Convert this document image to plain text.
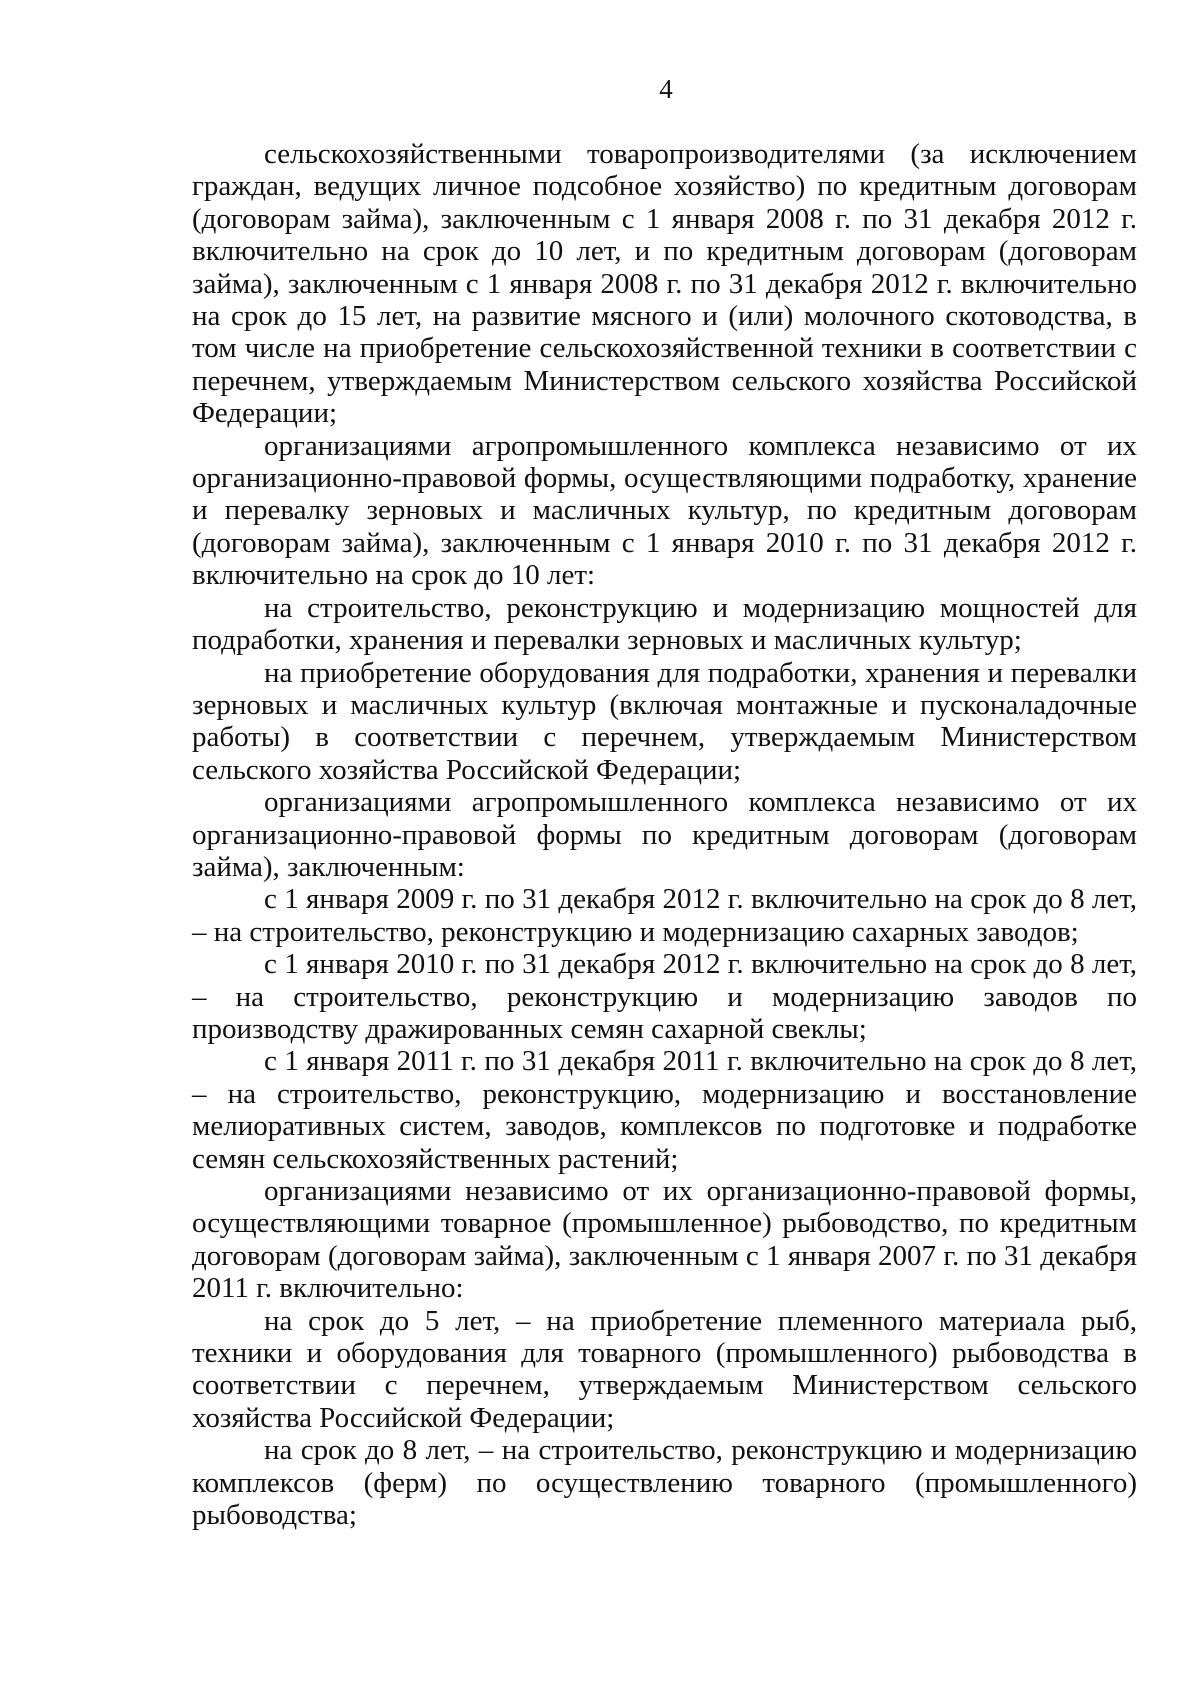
4

сельскохозяйственными товаропроизводителями (за исключением граждан, ведущих личное подсобное хозяйство) по кредитным договорам (договорам займа), заключенным с 1 января 2008 г. по 31 декабря 2012 г. включительно на срок до 10 лет, и по кредитным договорам (договорам займа), заключенным с 1 января 2008 г. по 31 декабря 2012 г. включительно на срок до 15 лет, на развитие мясного и (или) молочного скотоводства, в том числе на приобретение сельскохозяйственной техники в соответствии с перечнем, утверждаемым Министерством сельского хозяйства Российской Федерации;

организациями агропромышленного комплекса независимо от их организационно-правовой формы, осуществляющими подработку, хранение и перевалку зерновых и масличных культур, по кредитным договорам (договорам займа), заключенным с 1 января 2010 г. по 31 декабря 2012 г. включительно на срок до 10 лет:

на строительство, реконструкцию и модернизацию мощностей для подработки, хранения и перевалки зерновых и масличных культур;

на приобретение оборудования для подработки, хранения и перевалки зерновых и масличных культур (включая монтажные и пусконаладочные работы) в соответствии с перечнем, утверждаемым Министерством сельского хозяйства Российской Федерации;

организациями агропромышленного комплекса независимо от их организационно-правовой формы по кредитным договорам (договорам займа), заключенным:

с 1 января 2009 г. по 31 декабря 2012 г. включительно на срок до 8 лет, – на строительство, реконструкцию и модернизацию сахарных заводов;

с 1 января 2010 г. по 31 декабря 2012 г. включительно на срок до 8 лет, – на строительство, реконструкцию и модернизацию заводов по производству дражированных семян сахарной свеклы;

с 1 января 2011 г. по 31 декабря 2011 г. включительно на срок до 8 лет, – на строительство, реконструкцию, модернизацию и восстановление мелиоративных систем, заводов, комплексов по подготовке и подработке семян сельскохозяйственных растений;

организациями независимо от их организационно-правовой формы, осуществляющими товарное (промышленное) рыбоводство, по кредитным договорам (договорам займа), заключенным с 1 января 2007 г. по 31 декабря 2011 г. включительно:

на срок до 5 лет, – на приобретение племенного материала рыб, техники и оборудования для товарного (промышленного) рыбоводства в соответствии с перечнем, утверждаемым Министерством сельского хозяйства Российской Федерации;

на срок до 8 лет, – на строительство, реконструкцию и модернизацию комплексов (ферм) по осуществлению товарного (промышленного) рыбоводства;
